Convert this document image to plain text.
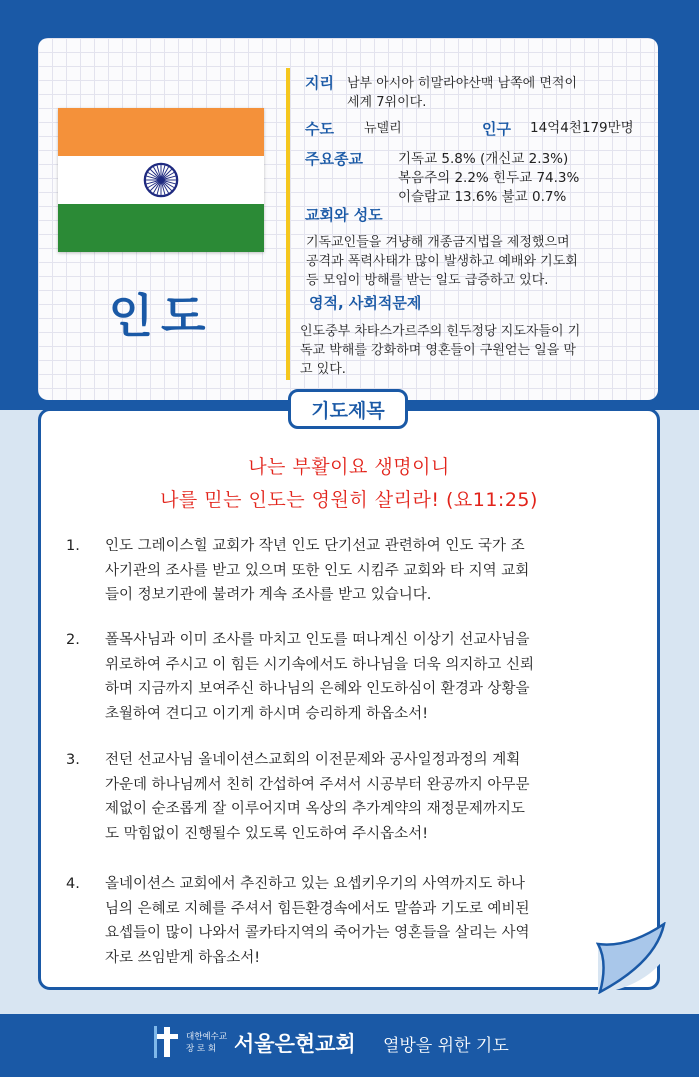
인도
지리 남부 아시아 히말라야산맥 남쪽에 면적이
세계 7위이다.
수도 뉴델리	인구 14억4천179만명
주요종교	기독교 5.8% (개신교 2.3%)
복음주의 2.2% 힌두교 74.3%
이슬람교 13.6% 불교 0.7%
교회와 성도
기독교인들을 겨냥해 개종금지법을 제정했으며
공격과 폭력사태가 많이 발생하고 예배와 기도회
등 모임이 방해를 받는 일도 급증하고 있다.
영적, 사회적문제
인도중부 차타스가르주의 힌두정당 지도자들이 기
독교 박해를 강화하며 영혼들이 구원얻는 일을 막
고 있다.
기도제목
나는 부활이요 생명이니
나를 믿는 인도는 영원히 살리라! (요11:25)
1. 인도 그레이스힐 교회가 작년 인도 단기선교 관련하여 인도 국가 조
사기관의 조사를 받고 있으며 또한 인도 시킴주 교회와 타 지역 교회
들이 정보기관에 불려가 계속 조사를 받고 있습니다.
2. 폴목사님과 이미 조사를 마치고 인도를 떠나계신 이상기 선교사님을
위로하여 주시고 이 힘든 시기속에서도 하나님을 더욱 의지하고 신뢰
하며 지금까지 보여주신 하나님의 은혜와 인도하심이 환경과 상황을
초월하여 견디고 이기게 하시며 승리하게 하옵소서!
3. 전던 선교사님 올네이션스교회의 이전문제와 공사일정과정의 계획
가운데 하나님께서 친히 간섭하여 주셔서 시공부터 완공까지 아무문
제없이 순조롭게 잘 이루어지며 옥상의 추가계약의 재정문제까지도
도 막힘없이 진행될수 있도록 인도하여 주시옵소서!
4. 올네이션스 교회에서 추진하고 있는 요셉키우기의 사역까지도 하나
님의 은혜로 지혜를 주셔서 힘든환경속에서도 말씀과 기도로 예비된
요셉들이 많이 나와서 콜카타지역의 죽어가는 영혼들을 살리는 사역
자로 쓰임받게 하옵소서!
대한예수교
장 로 회 서울은현교회 열방을 위한 기도
